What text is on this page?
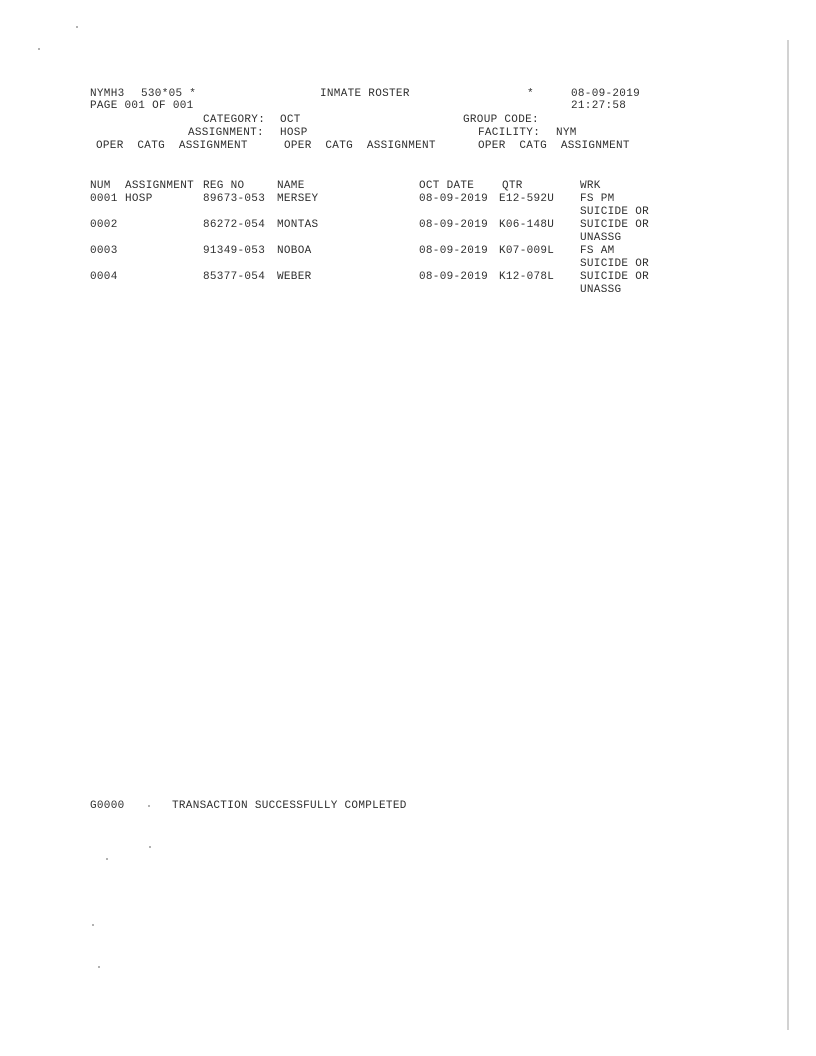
NYMH3 530*05 *	INMATE ROSTER	*	08-09-2019
PAGE 001 OF 001	21:27:58
CATEGORY: OCT	GROUP CODE:
ASSIGNMENT: HOSP	FACILITY: NYM
OPER  CATG  ASSIGNMENT	OPER  CATG  ASSIGNMENT	OPER  CATG  ASSIGNMENT
NUM ASSIGNMENT REG NO	NAME	OCT DATE	QTR	WRK
0001 HOSP	89673-053 MERSEY	08-09-2019 E12-592U FS PM
SUICIDE OR
0002	86272-054 MONTAS	08-09-2019 K06-148U SUICIDE OR
UNASSG
0003	91349-053 NOBOA	08-09-2019 K07-009L FS AM
SUICIDE OR
0004	85377-054 WEBER	08-09-2019 K12-078L SUICIDE OR
UNASSG
G0000	TRANSACTION SUCCESSFULLY COMPLETED
